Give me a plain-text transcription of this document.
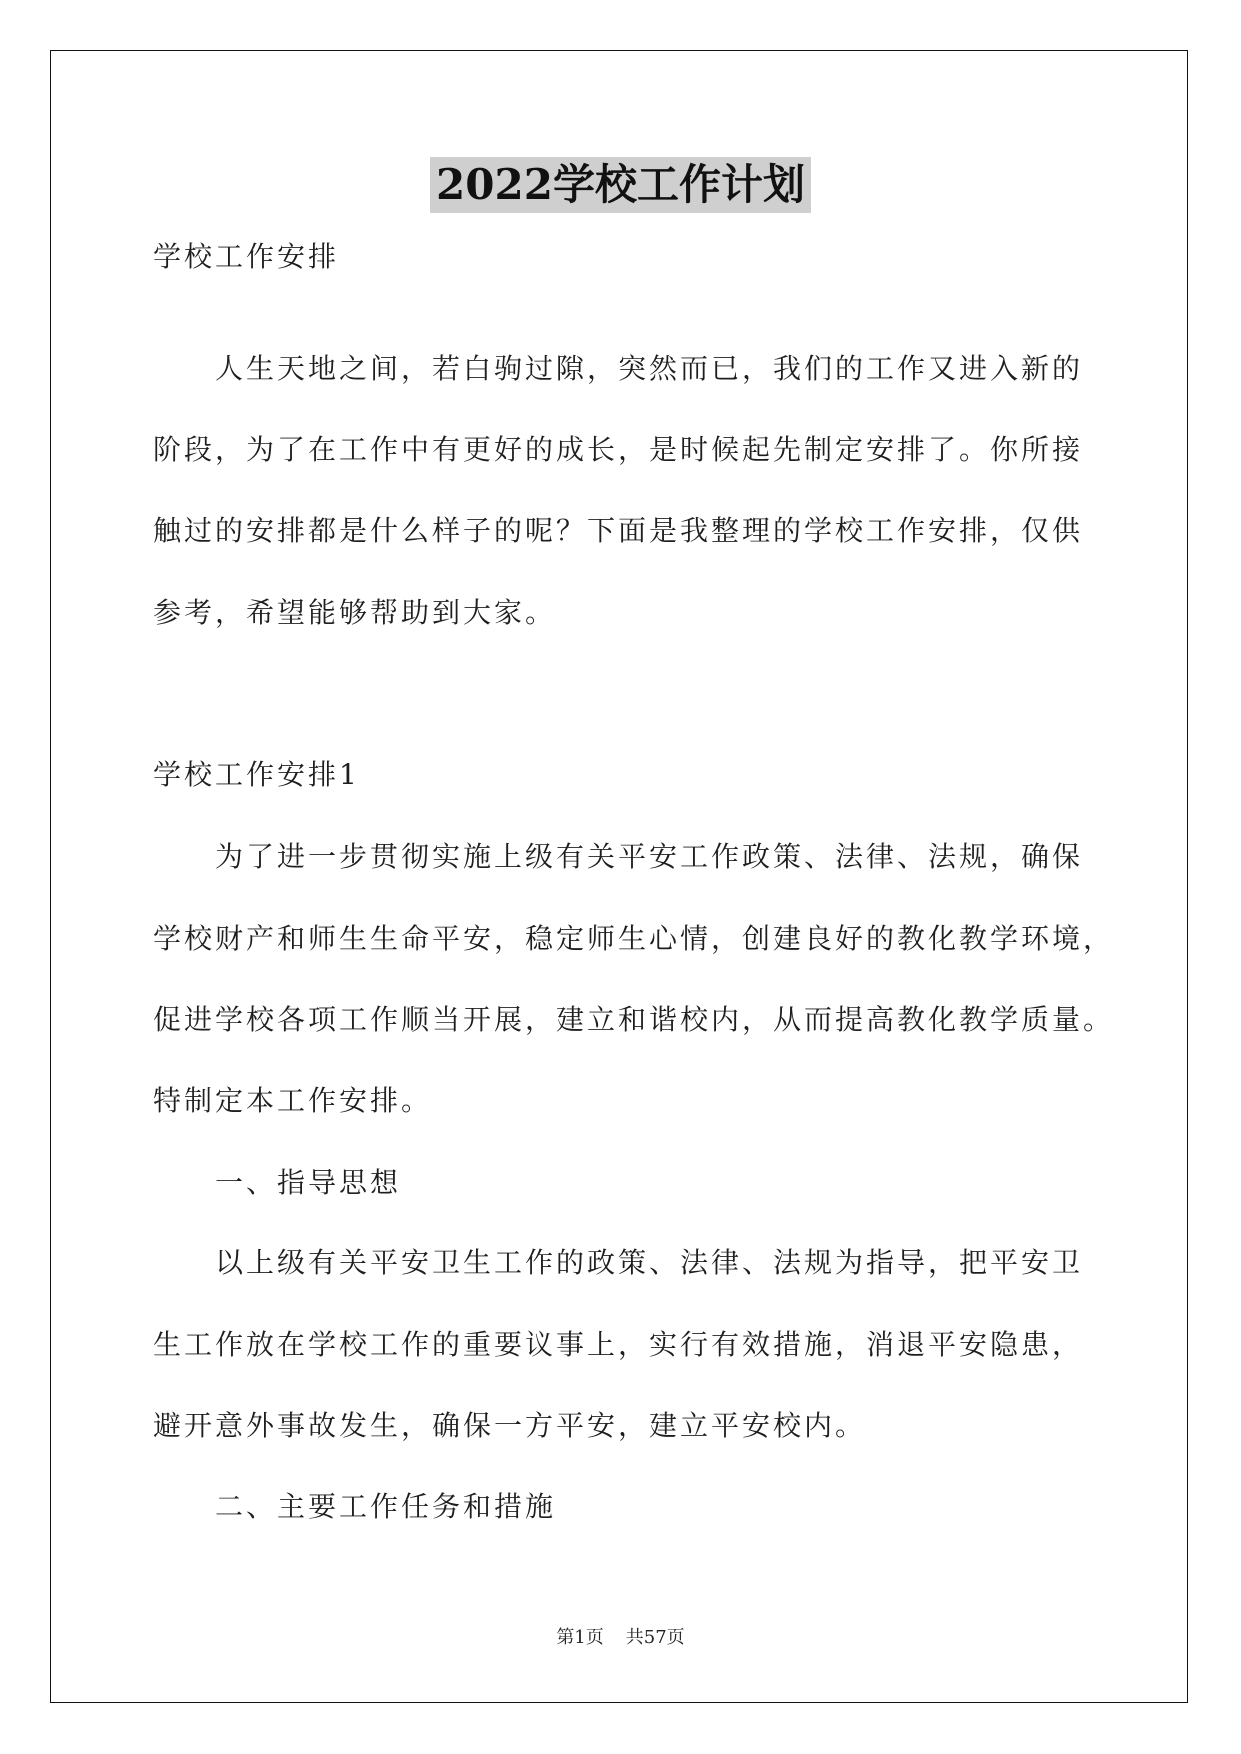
2022学校工作计划
学校工作安排
人生天地之间，若白驹过隙，突然而已，我们的工作又进入新的
阶段，为了在工作中有更好的成长，是时候起先制定安排了。你所接
触过的安排都是什么样子的呢？下面是我整理的学校工作安排，仅供
参考，希望能够帮助到大家。
学校工作安排1
为了进一步贯彻实施上级有关平安工作政策、法律、法规，确保
学校财产和师生生命平安，稳定师生心情，创建良好的教化教学环境，
促进学校各项工作顺当开展，建立和谐校内，从而提高教化教学质量。
特制定本工作安排。
一、指导思想
以上级有关平安卫生工作的政策、法律、法规为指导，把平安卫
生工作放在学校工作的重要议事上，实行有效措施，消退平安隐患，
避开意外事故发生，确保一方平安，建立平安校内。
二、主要工作任务和措施
第1页 共57页
